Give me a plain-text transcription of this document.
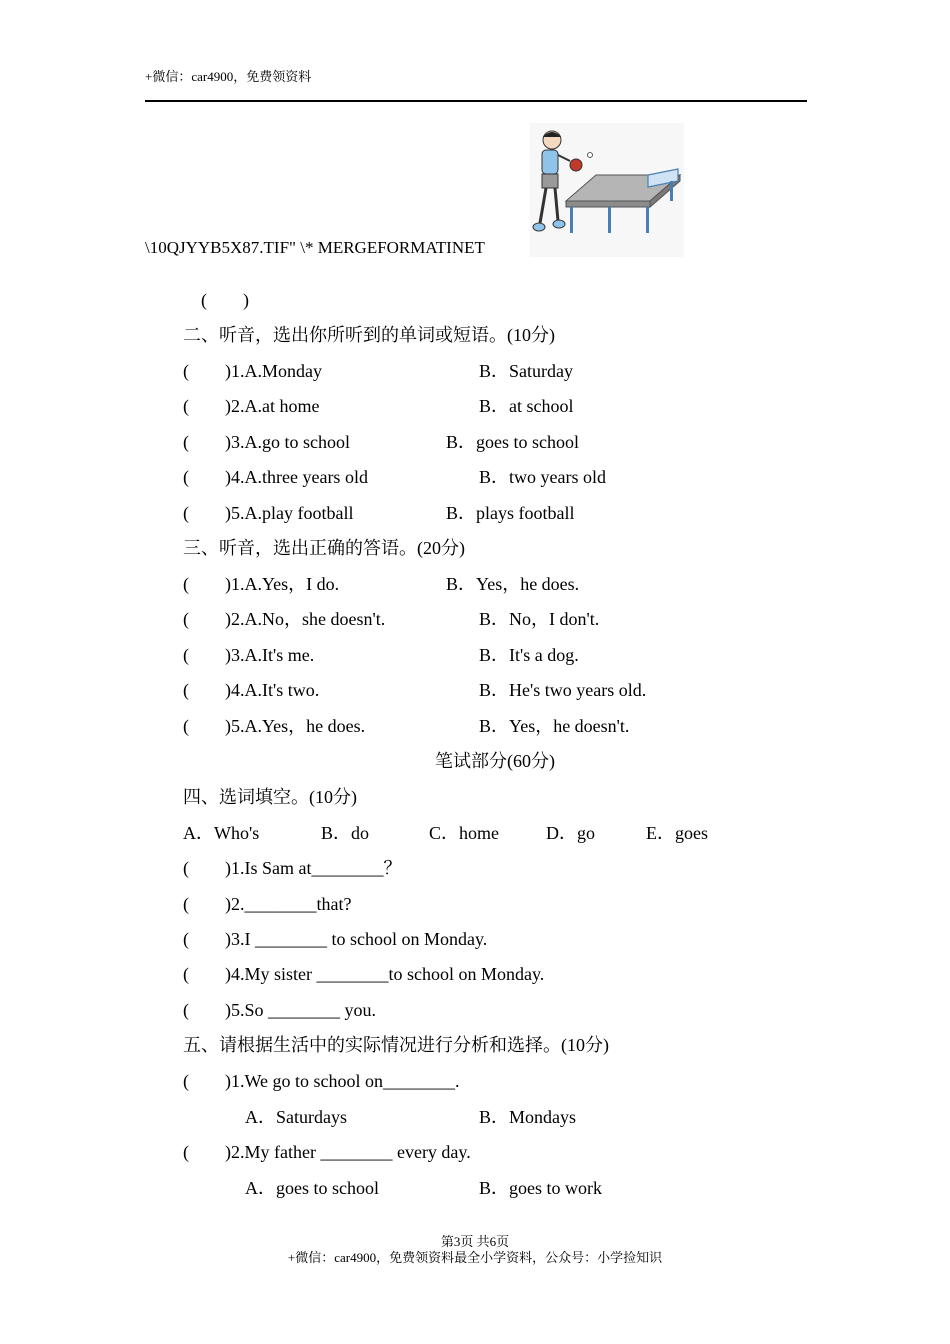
+微信：car4900，免费领资料
\10QJYYB5X87.TIF" \* MERGEFORMATINET
(　　)
二、听音，选出你所听到的单词或短语。(10分)
(　　)1.A.Monday	B．Saturday
(　　)2.A.at home	B．at school
(　　)3.A.go to school	B．goes to school
(　　)4.A.three years old	B．two years old
(　　)5.A.play football	B．plays football
三、听音，选出正确的答语。(20分)
(　　)1.A.Yes，I do.	B．Yes，he does.
(　　)2.A.No，she doesn't.	B．No，I don't.
(　　)3.A.It's me.	B．It's a dog.
(　　)4.A.It's two.	B．He's two years old.
(　　)5.A.Yes，he does.	B．Yes，he doesn't.
笔试部分(60分)
四、选词填空。(10分)
A．Who's	B．do	C．home	D．go	E．goes
(　　)1.Is Sam at________？
(　　)2.________that?
(　　)3.I ________ to school on Monday.
(　　)4.My sister ________to school on Monday.
(　　)5.So ________ you.
五、请根据生活中的实际情况进行分析和选择。(10分)
(　　)1.We go to school on________.
A．Saturdays	B．Mondays
(　　)2.My father ________ every day.
A．goes to school	B．goes to work
第3页 共6页
+微信：car4900，免费领资料最全小学资料，公众号：小学捡知识
